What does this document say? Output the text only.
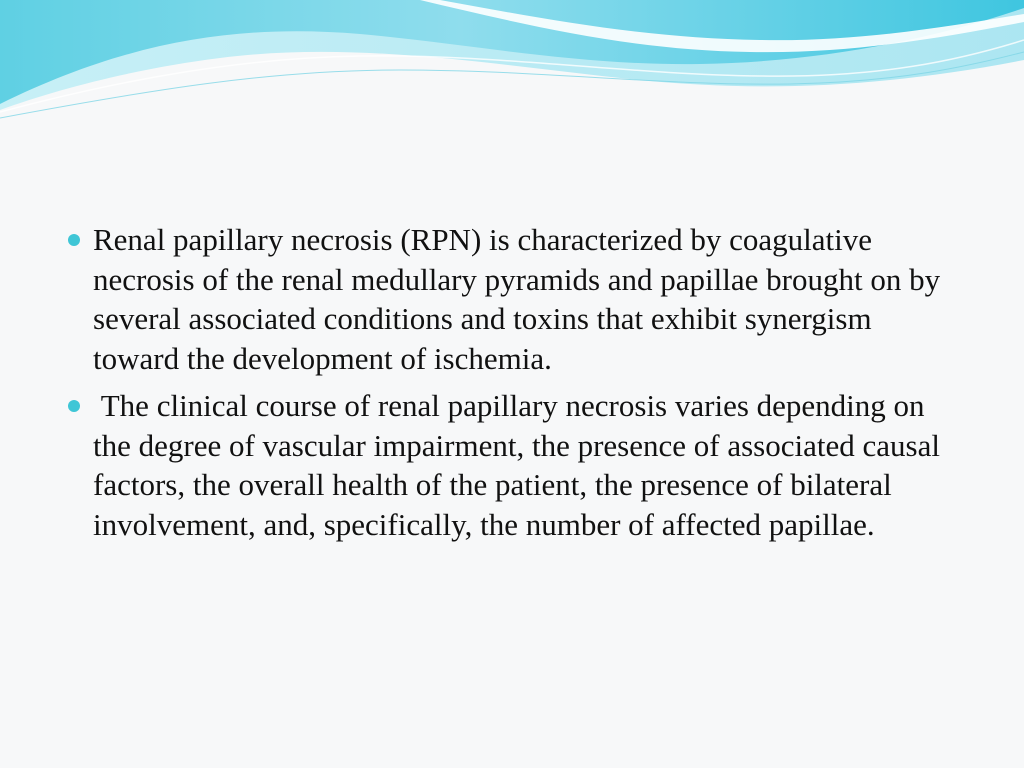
Renal papillary necrosis (RPN) is characterized by coagulative necrosis of the renal medullary pyramids and papillae brought on by several associated conditions and toxins that exhibit synergism toward the development of ischemia.
The clinical course of renal papillary necrosis varies depending on the degree of vascular impairment, the presence of associated causal factors, the overall health of the patient, the presence of bilateral involvement, and, specifically, the number of affected papillae.
